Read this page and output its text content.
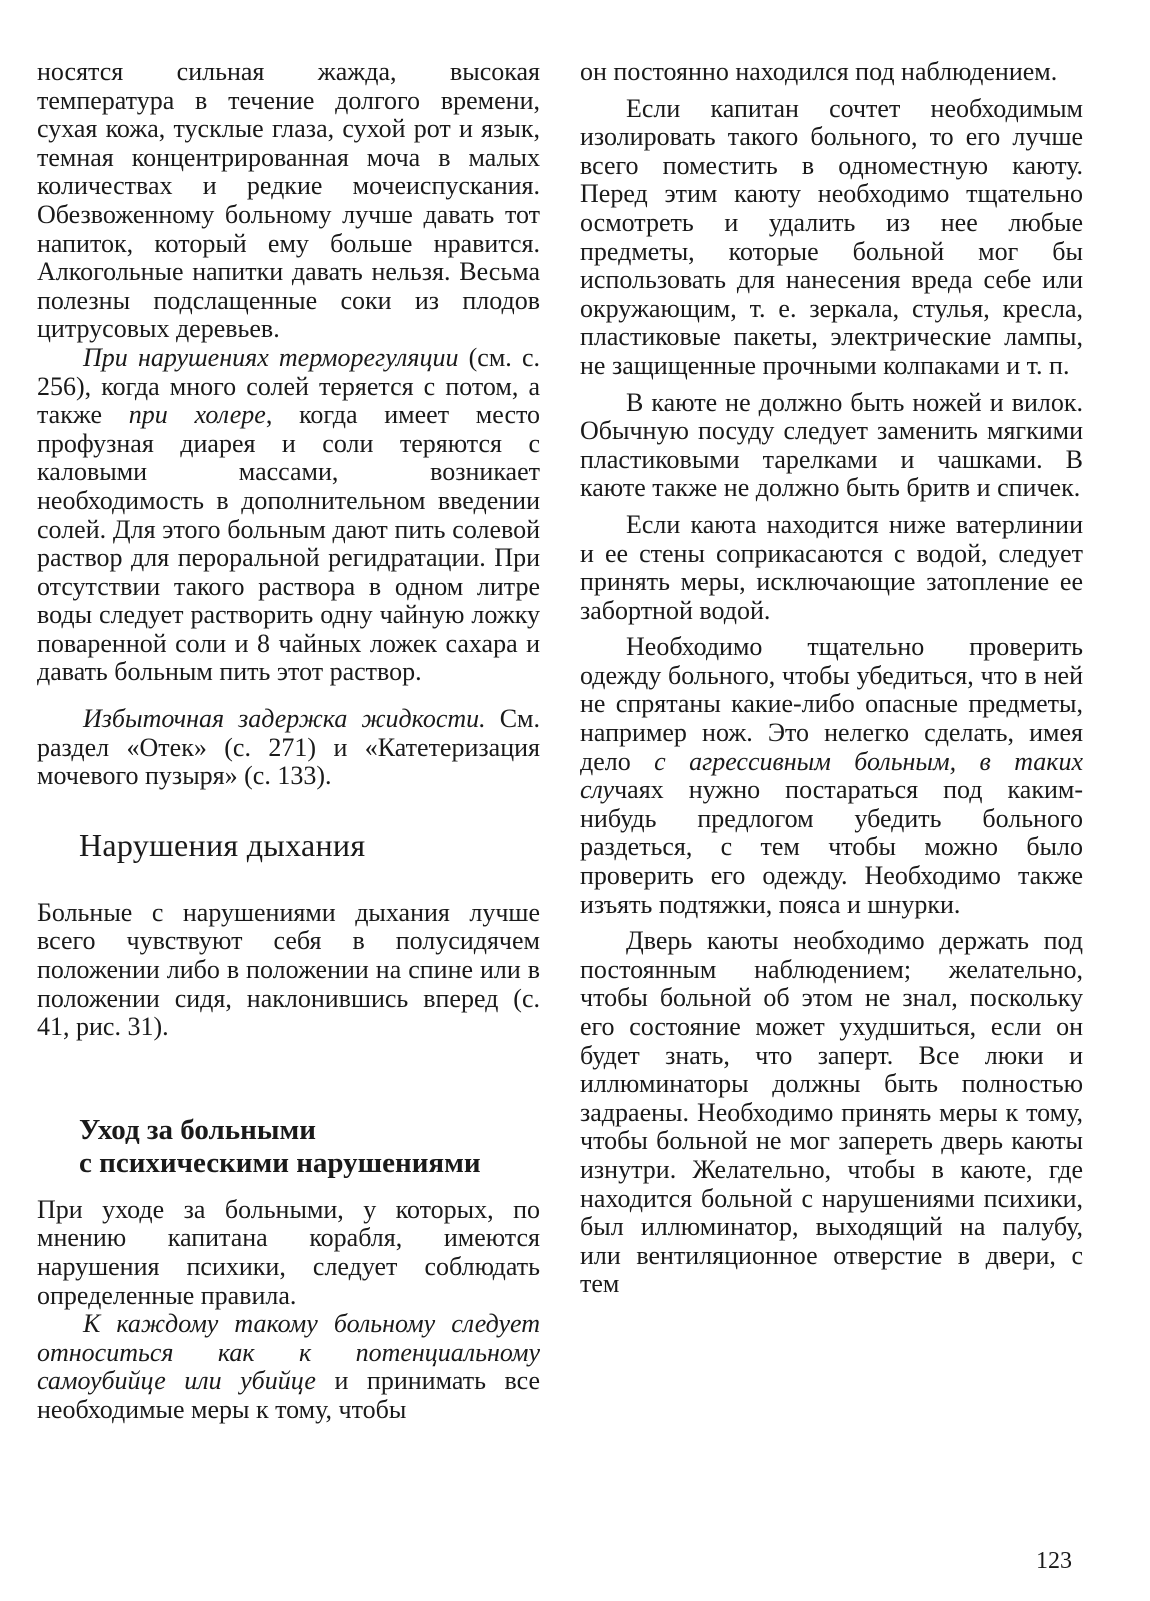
носятся сильная жажда, высокая температура в течение долгого времени, сухая кожа, тусклые глаза, сухой рот и язык, темная концентрированная моча в малых количествах и редкие мочеиспускания. Обезвоженному больному лучше давать тот напиток, который ему больше нравится. Алкогольные напитки давать нельзя. Весьма полезны подслащенные соки из плодов цитрусовых деревьев.

При нарушениях терморегуляции (см. с. 256), когда много солей теряется с потом, а также при холере, когда имеет место профузная диарея и соли теряются с каловыми массами, возникает необходимость в дополнительном введении солей. Для этого больным дают пить солевой раствор для пероральной регидратации. При отсутствии такого раствора в одном литре воды следует растворить одну чайную ложку поваренной соли и 8 чайных ложек сахара и давать больным пить этот раствор.

Избыточная задержка жидкости. См. раздел «Отек» (с. 271) и «Катетеризация мочевого пузыря» (с. 133).

Нарушения дыхания

Больные с нарушениями дыхания лучше всего чувствуют себя в полусидячем положении либо в положении на спине или в положении сидя, наклонившись вперед (с. 41, рис. 31).

Уход за больными
с психическими нарушениями

При уходе за больными, у которых, по мнению капитана корабля, имеются нарушения психики, следует соблюдать определенные правила.

К каждому такому больному следует относиться как к потенциальному самоубийце или убийце и принимать все необходимые меры к тому, чтобы

он постоянно находился под наблюдением.

Если капитан сочтет необходимым изолировать такого больного, то его лучше всего поместить в одноместную каюту. Перед этим каюту необходимо тщательно осмотреть и удалить из нее любые предметы, которые больной мог бы использовать для нанесения вреда себе или окружающим, т. е. зеркала, стулья, кресла, пластиковые пакеты, электрические лампы, не защищенные прочными колпаками и т. п.

В каюте не должно быть ножей и вилок. Обычную посуду следует заменить мягкими пластиковыми тарелками и чашками. В каюте также не должно быть бритв и спичек.

Если каюта находится ниже ватерлинии и ее стены соприкасаются с водой, следует принять меры, исключающие затопление ее забортной водой.

Необходимо тщательно проверить одежду больного, чтобы убедиться, что в ней не спрятаны какие-либо опасные предметы, например нож. Это нелегко сделать, имея дело с агрессивным больным, в таких случаях нужно постараться под каким-нибудь предлогом убедить больного раздеться, с тем чтобы можно было проверить его одежду. Необходимо также изъять подтяжки, пояса и шнурки.

Дверь каюты необходимо держать под постоянным наблюдением; желательно, чтобы больной об этом не знал, поскольку его состояние может ухудшиться, если он будет знать, что заперт. Все люки и иллюминаторы должны быть полностью задраены. Необходимо принять меры к тому, чтобы больной не мог запереть дверь каюты изнутри. Желательно, чтобы в каюте, где находится больной с нарушениями психики, был иллюминатор, выходящий на палубу, или вентиляционное отверстие в двери, с тем

123
